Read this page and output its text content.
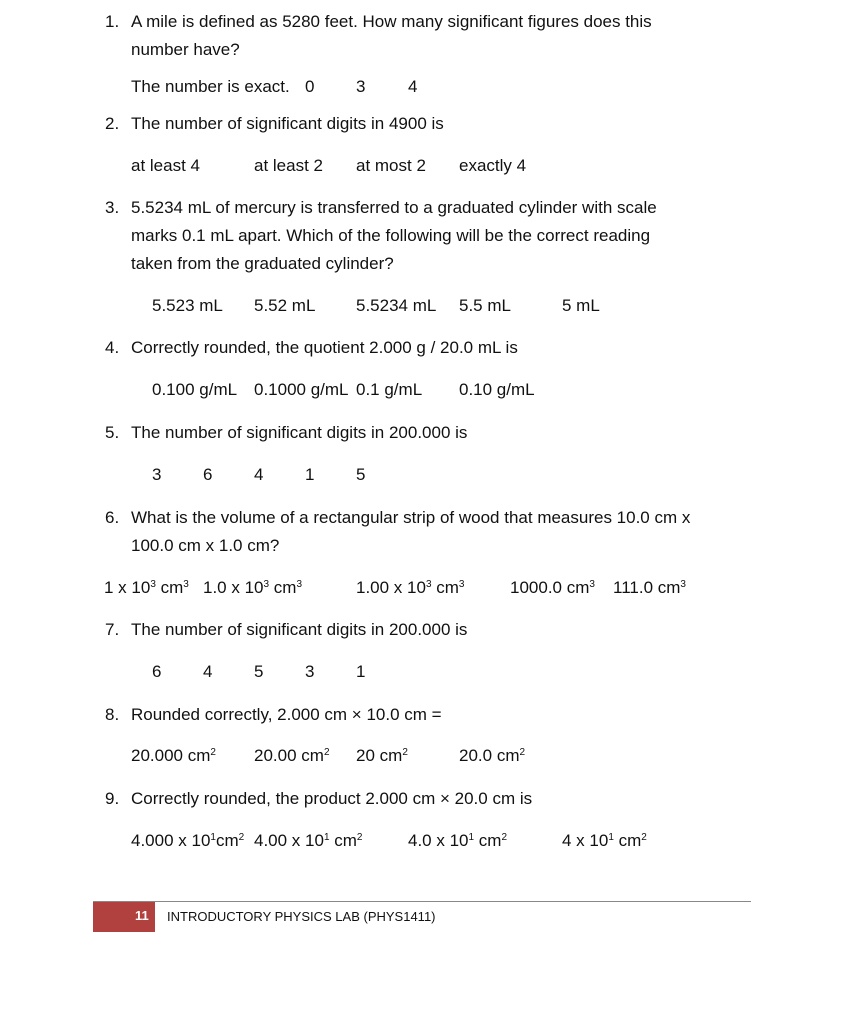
1. A mile is defined as 5280 feet. How many significant figures does this
number have?
The number is exact. 0 3	4
2. The number of significant digits in 4900 is
at least 4	at least 2 at most 2 exactly 4
3. 5.5234 mL of mercury is transferred to a graduated cylinder with scale
marks 0.1 mL apart. Which of the following will be the correct reading
taken from the graduated cylinder?
5.523 mL 5.52 mL 5.5234 mL 5.5 mL	5 mL
4. Correctly rounded, the quotient 2.000 g / 20.0 mL is
0.100 g/mL 0.1000 g/mL 0.1 g/mL 0.10 g/mL
5. The number of significant digits in 200.000 is
3 6 4 1 5
6. What is the volume of a rectangular strip of wood that measures 10.0 cm x
100.0 cm x 1.0 cm?
1 x $10^3$ $cm^3$ 1.0 x $10^3$ $cm^3$	1.00 x $10^3$ $cm^3$	1000.0 $cm^3$ 111.0 $cm^3$
7. The number of significant digits in 200.000 is
6 4 5 3 1
8. Rounded correctly, 2.000 cm × 10.0 cm =
20.000 $cm^2$ 20.00 $cm^2$ 20 $cm^2$	20.0 $cm^2$
9. Correctly rounded, the product 2.000 cm × 20.0 cm is
4.000 x $10^1cm^2$ 4.00 x $10^1$ $cm^2$	4.0 x $10^1$ $cm^2$	4 x $10^1$ $cm^2$
11 INTRODUCTORY PHYSICS LAB (PHYS1411)
